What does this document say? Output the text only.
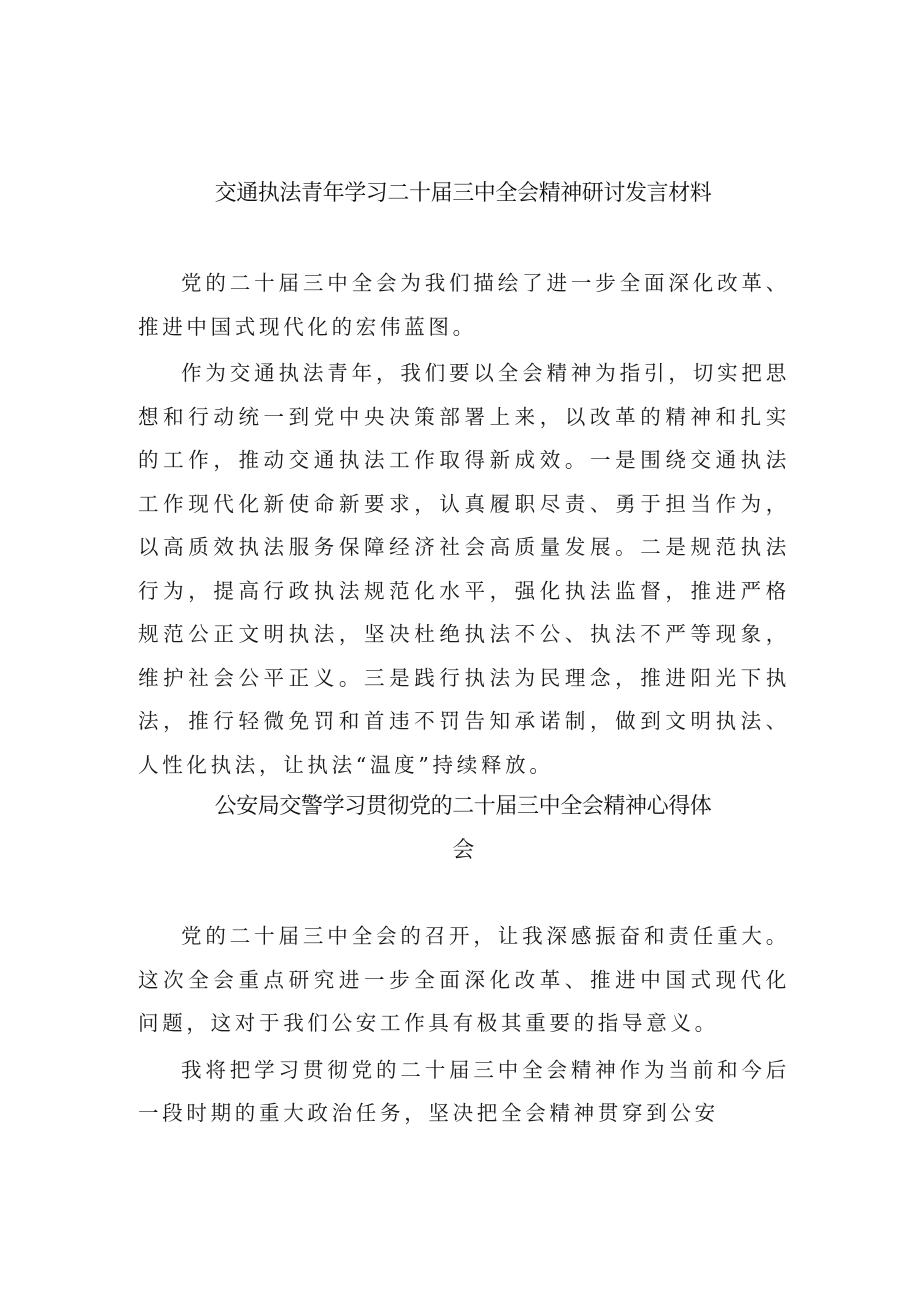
交通执法青年学习二十届三中全会精神研讨发言材料

党的二十届三中全会为我们描绘了进一步全面深化改革、推进中国式现代化的宏伟蓝图。

作为交通执法青年，我们要以全会精神为指引，切实把思想和行动统一到党中央决策部署上来，以改革的精神和扎实的工作，推动交通执法工作取得新成效。一是围绕交通执法工作现代化新使命新要求，认真履职尽责、勇于担当作为，以高质效执法服务保障经济社会高质量发展。二是规范执法行为，提高行政执法规范化水平，强化执法监督，推进严格规范公正文明执法，坚决杜绝执法不公、执法不严等现象，维护社会公平正义。三是践行执法为民理念，推进阳光下执法，推行轻微免罚和首违不罚告知承诺制，做到文明执法、人性化执法，让执法“温度”持续释放。

公安局交警学习贯彻党的二十届三中全会精神心得体
会

党的二十届三中全会的召开，让我深感振奋和责任重大。这次全会重点研究进一步全面深化改革、推进中国式现代化问题，这对于我们公安工作具有极其重要的指导意义。

我将把学习贯彻党的二十届三中全会精神作为当前和今后一段时期的重大政治任务，坚决把全会精神贯穿到公安
